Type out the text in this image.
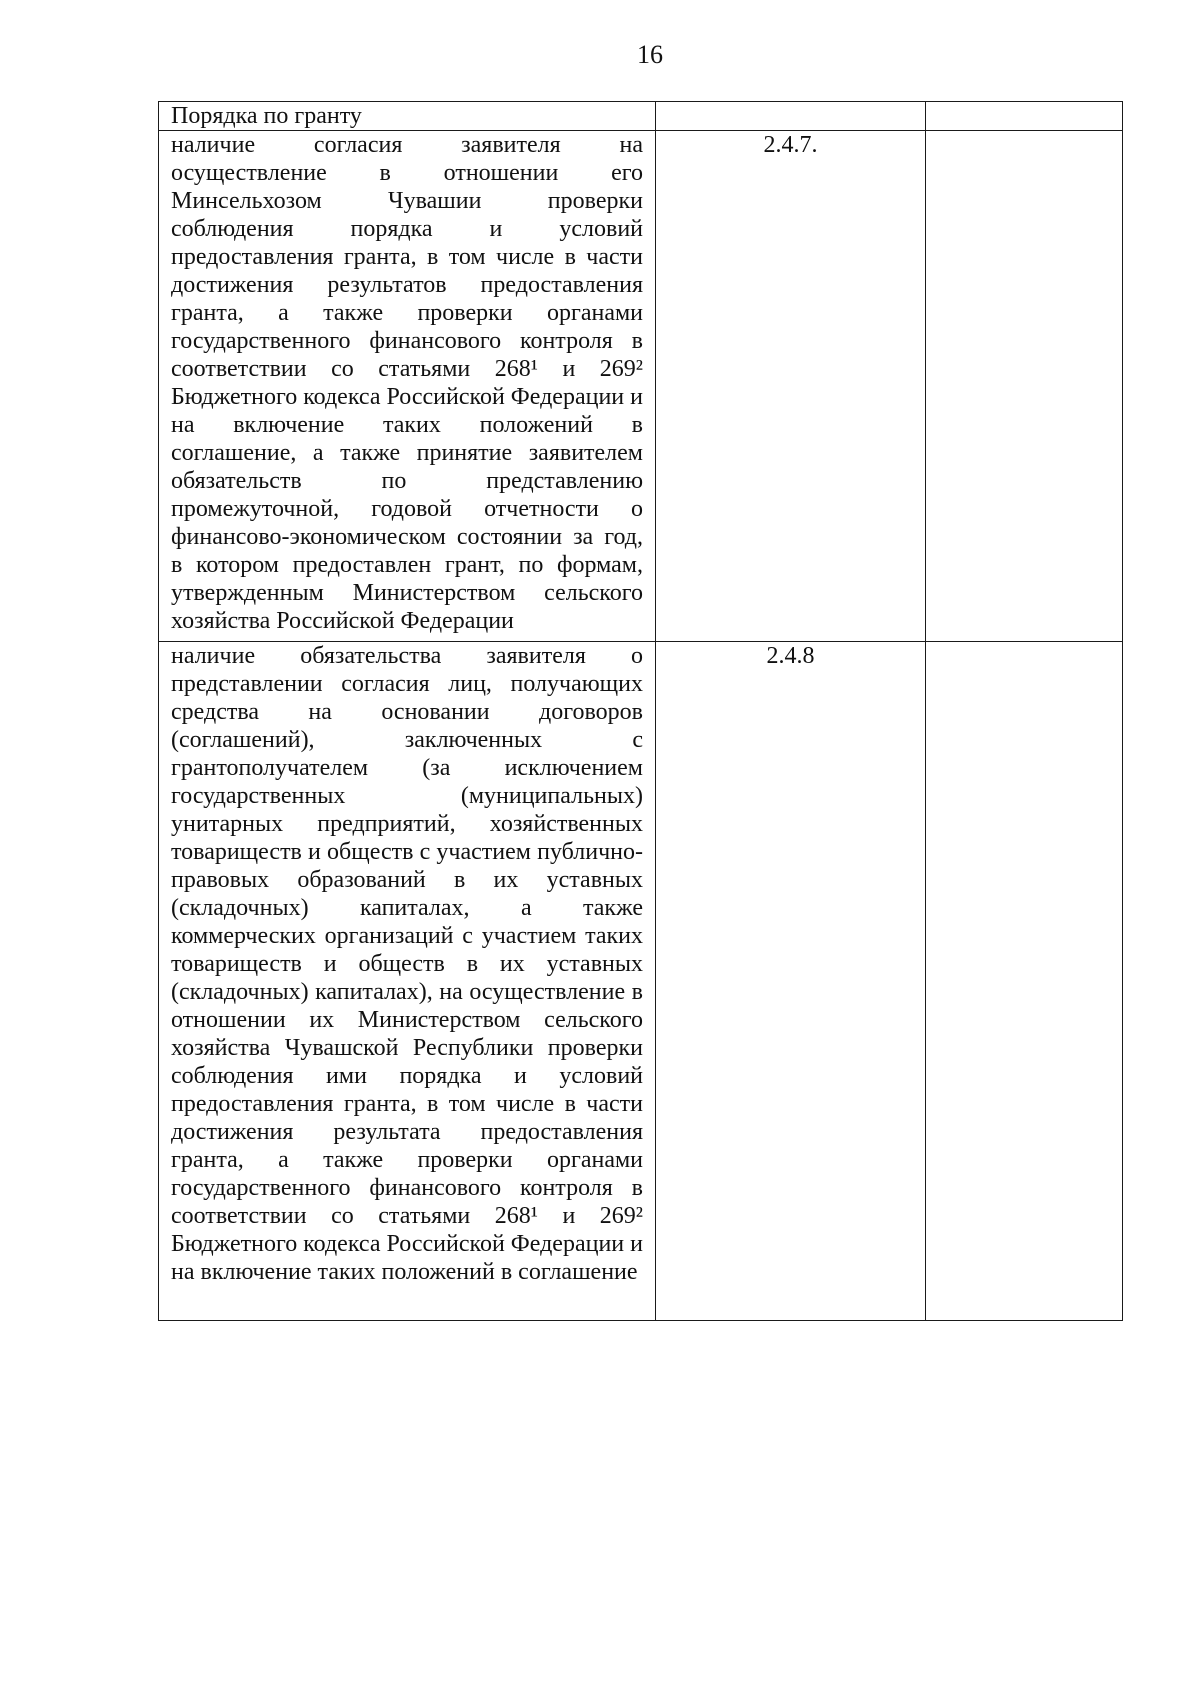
16
Порядка по гранту		
наличие согласия заявителя на осуществление в отношении его Минсельхозом Чувашии проверки соблюдения порядка и условий предоставления гранта, в том числе в части достижения результатов предоставления гранта, а также проверки органами государственного финансового контроля в соответствии со статьями 268¹ и 269² Бюджетного кодекса Российской Федерации и на включение таких положений в соглашение, а также принятие заявителем обязательств по представлению промежуточной, годовой отчетности о финансово-экономическом состоянии за год, в котором предоставлен грант, по формам, утвержденным Министерством сельского хозяйства Российской Федерации	2.4.7.	
наличие обязательства заявителя о представлении согласия лиц, получающих средства на основании договоров (соглашений), заключенных с грантополучателем (за исключением государственных (муниципальных) унитарных предприятий, хозяйственных товариществ и обществ с участием публично-правовых образований в их уставных (складочных) капиталах, а также коммерческих организаций с участием таких товариществ и обществ в их уставных (складочных) капиталах), на осуществление в отношении их Министерством сельского хозяйства Чувашской Республики проверки соблюдения ими порядка и условий предоставления гранта, в том числе в части достижения результата предоставления гранта, а также проверки органами государственного финансового контроля в соответствии со статьями 268¹ и 269² Бюджетного кодекса Российской Федерации и на включение таких положений в соглашение	2.4.8	
